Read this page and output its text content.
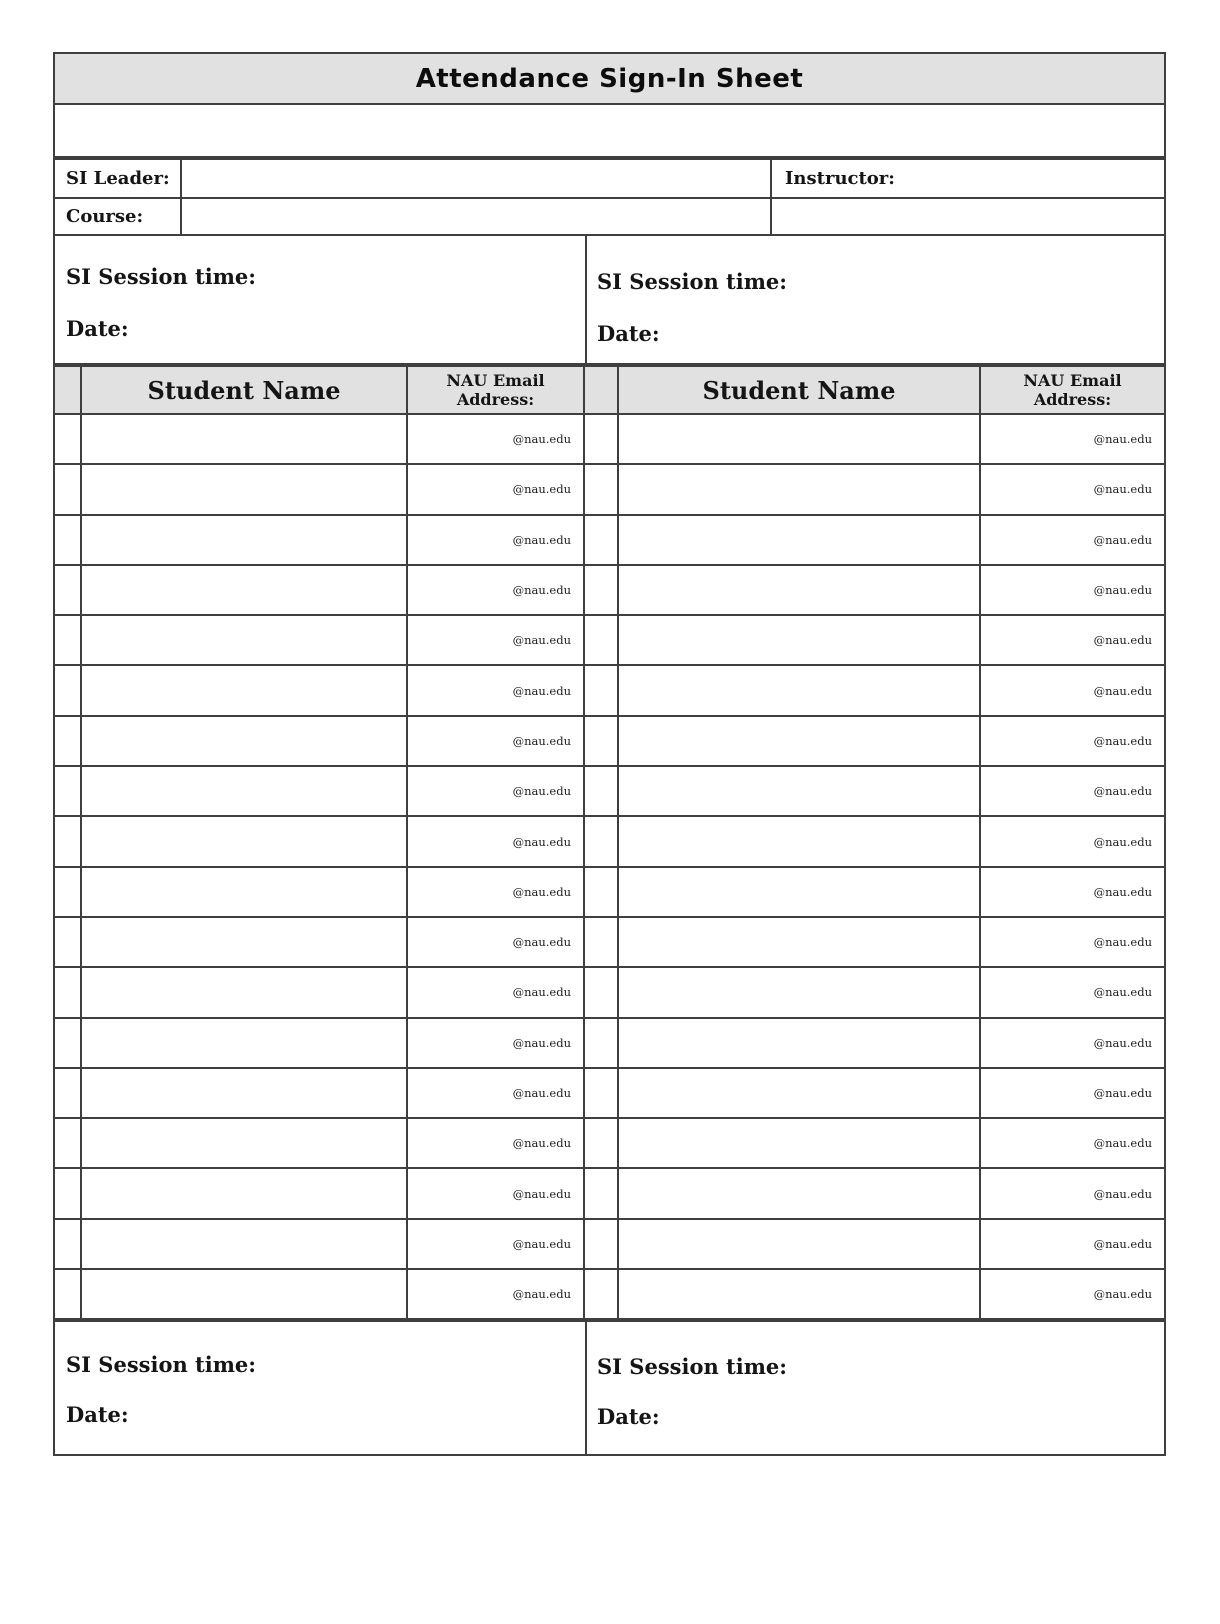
Attendance Sign-In Sheet
SI Leader:	Instructor:
Course:
SI Session time:
Date:
SI Session time:
Date:
Student Name	NAU Email Address:	Student Name	NAU Email Address:
@nau.edu	@nau.edu
@nau.edu	@nau.edu
@nau.edu	@nau.edu
@nau.edu	@nau.edu
@nau.edu	@nau.edu
@nau.edu	@nau.edu
@nau.edu	@nau.edu
@nau.edu	@nau.edu
@nau.edu	@nau.edu
@nau.edu	@nau.edu
@nau.edu	@nau.edu
@nau.edu	@nau.edu
@nau.edu	@nau.edu
@nau.edu	@nau.edu
@nau.edu	@nau.edu
@nau.edu	@nau.edu
@nau.edu	@nau.edu
@nau.edu	@nau.edu
SI Session time:
Date:
SI Session time:
Date:
